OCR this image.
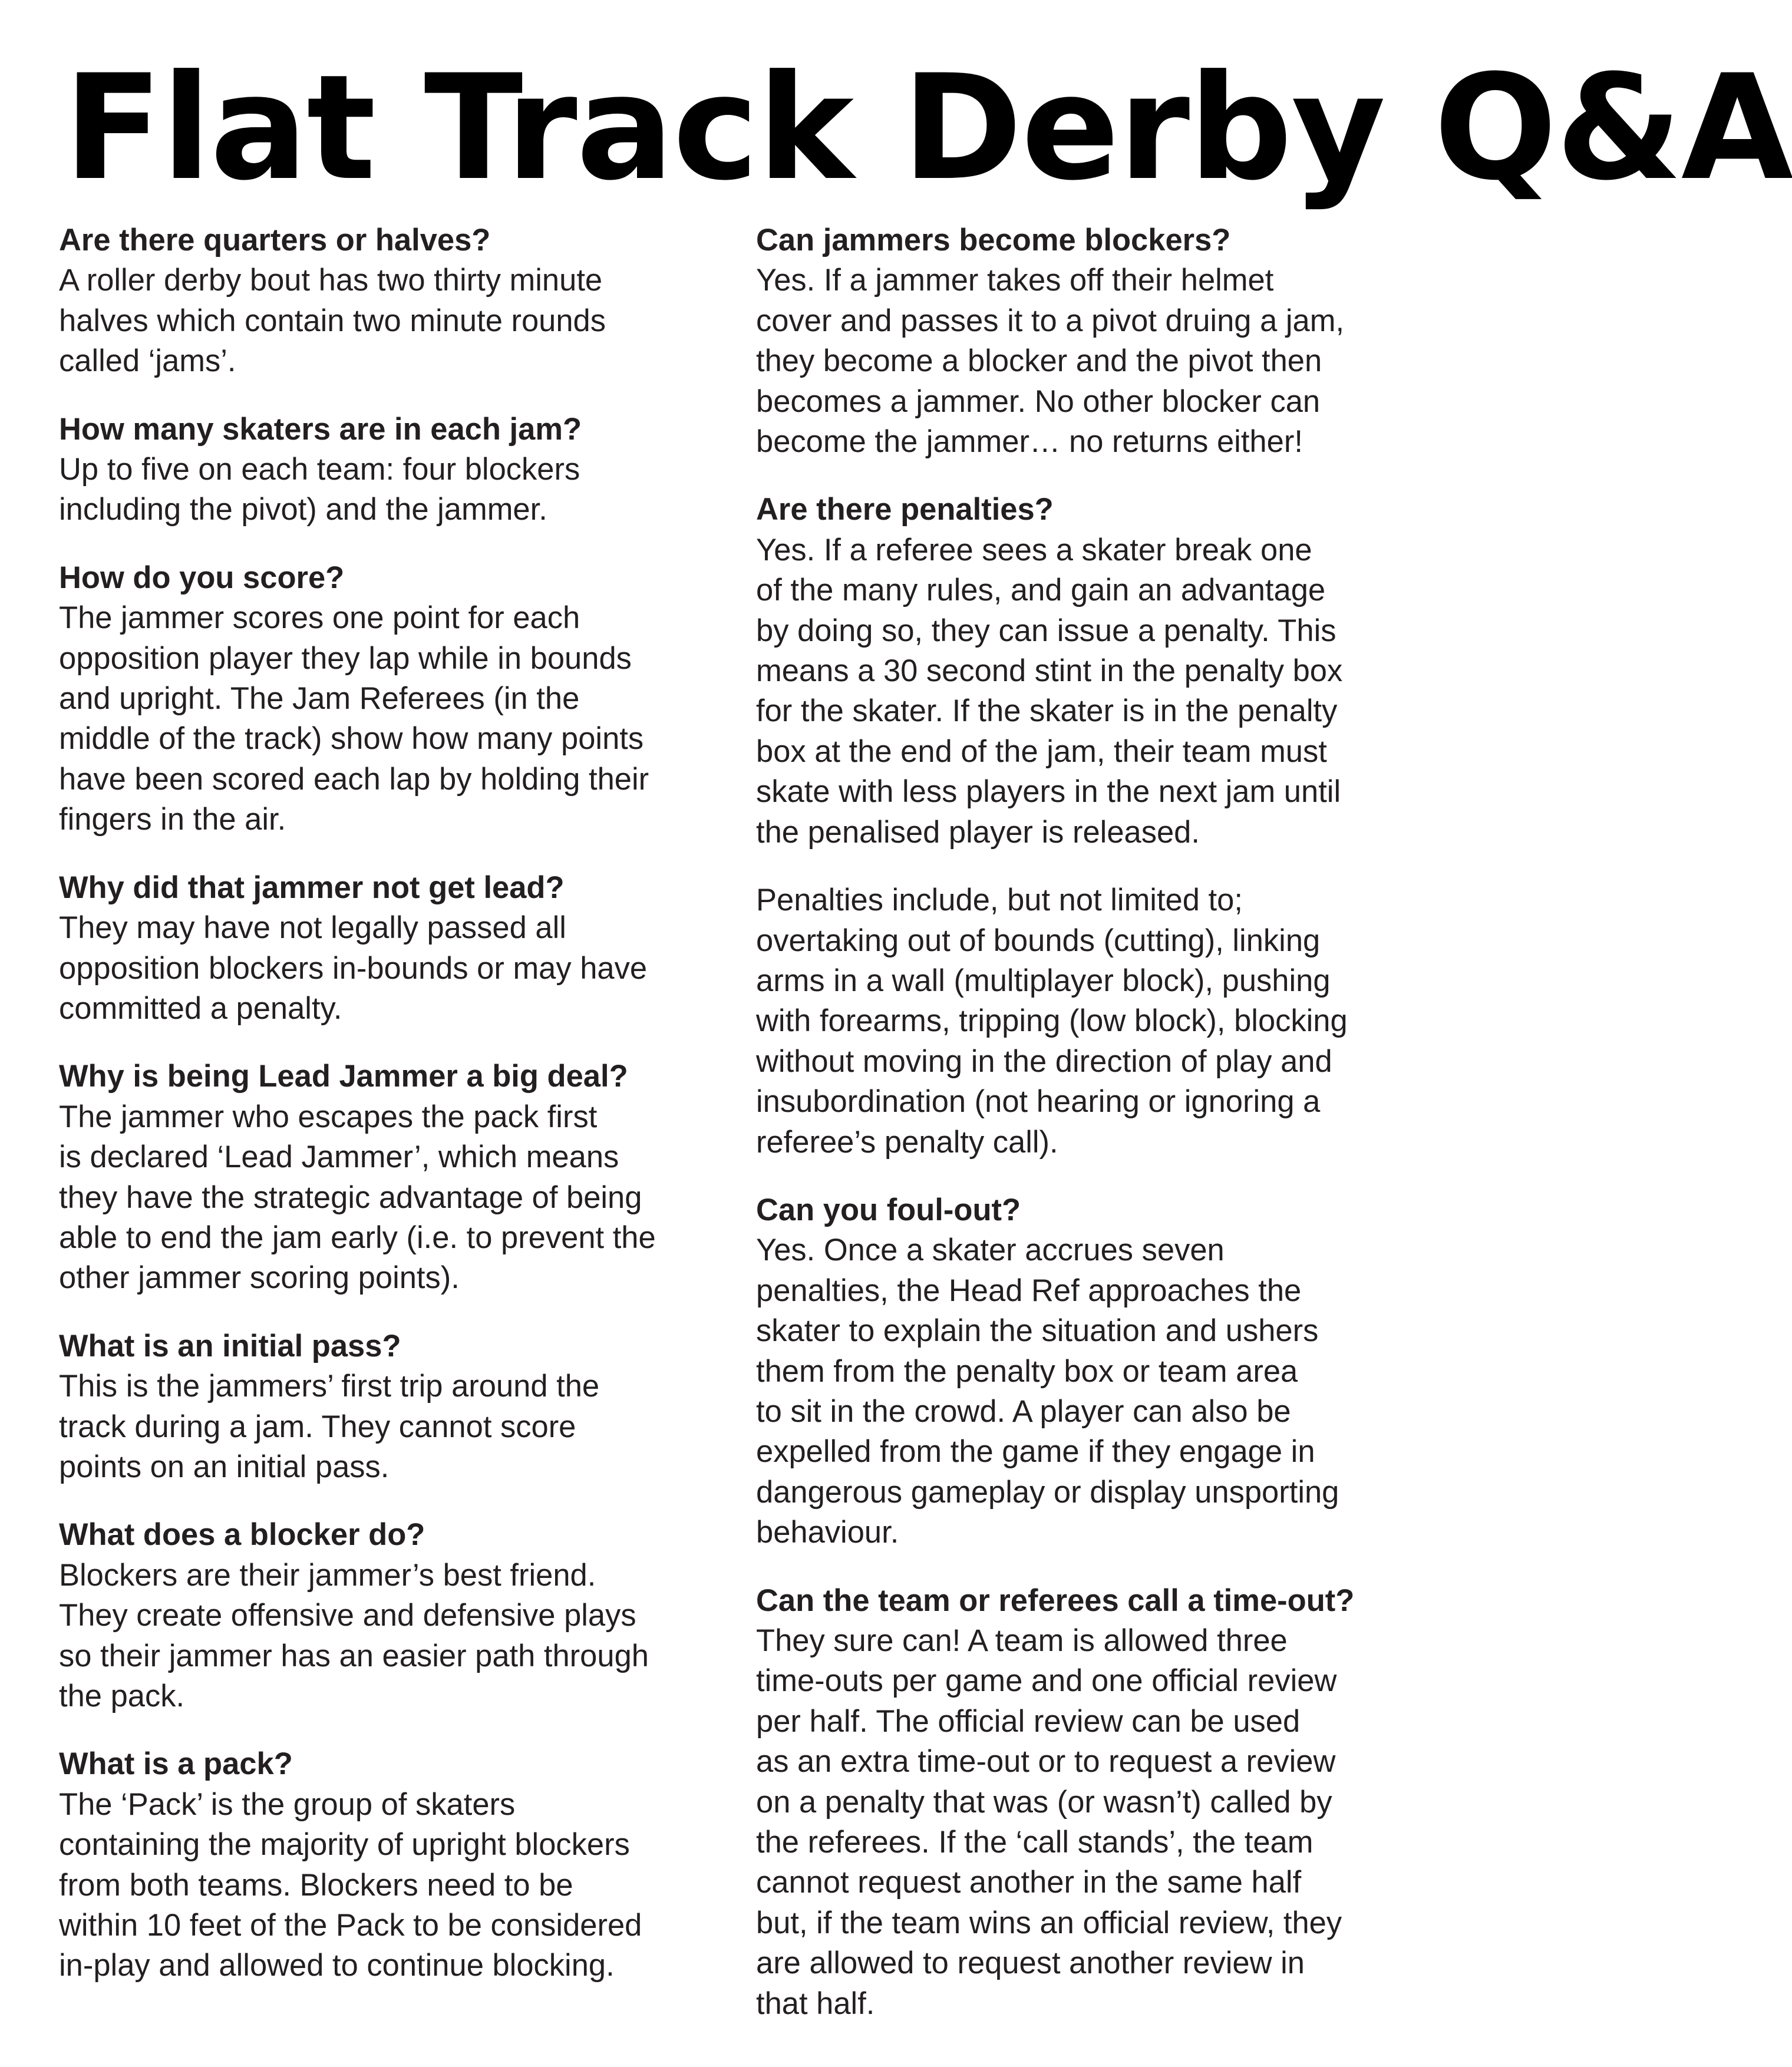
Flat Track Derby Q&A
Are there quarters or halves?
A roller derby bout has two thirty minute
halves which contain two minute rounds
called ‘jams’.
How many skaters are in each jam?
Up to five on each team: four blockers
including the pivot) and the jammer.
How do you score?
The jammer scores one point for each
opposition player they lap while in bounds
and upright. The Jam Referees (in the
middle of the track) show how many points
have been scored each lap by holding their
fingers in the air.
Why did that jammer not get lead?
They may have not legally passed all
opposition blockers in-bounds or may have
committed a penalty.
Why is being Lead Jammer a big deal?
The jammer who escapes the pack first
is declared ‘Lead Jammer’, which means
they have the strategic advantage of being
able to end the jam early (i.e. to prevent the
other jammer scoring points).
What is an initial pass?
This is the jammers’ first trip around the
track during a jam. They cannot score
points on an initial pass.
What does a blocker do?
Blockers are their jammer’s best friend.
They create offensive and defensive plays
so their jammer has an easier path through
the pack.
What is a pack?
The ‘Pack’ is the group of skaters
containing the majority of upright blockers
from both teams. Blockers need to be
within 10 feet of the Pack to be considered
in-play and allowed to continue blocking.
Can jammers become blockers?
Yes. If a jammer takes off their helmet
cover and passes it to a pivot druing a jam,
they become a blocker and the pivot then
becomes a jammer. No other blocker can
become the jammer… no returns either!
Are there penalties?
Yes. If a referee sees a skater break one
of the many rules, and gain an advantage
by doing so, they can issue a penalty. This
means a 30 second stint in the penalty box
for the skater. If the skater is in the penalty
box at the end of the jam, their team must
skate with less players in the next jam until
the penalised player is released.
Penalties include, but not limited to;
overtaking out of bounds (cutting), linking
arms in a wall (multiplayer block), pushing
with forearms, tripping (low block), blocking
without moving in the direction of play and
insubordination (not hearing or ignoring a
referee’s penalty call).
Can you foul-out?
Yes. Once a skater accrues seven
penalties, the Head Ref approaches the
skater to explain the situation and ushers
them from the penalty box or team area
to sit in the crowd. A player can also be
expelled from the game if they engage in
dangerous gameplay or display unsporting
behaviour.
Can the team or referees call a time-out?
They sure can! A team is allowed three
time-outs per game and one official review
per half. The official review can be used
as an extra time-out or to request a review
on a penalty that was (or wasn’t) called by
the referees. If the ‘call stands’, the team
cannot request another in the same half
but, if the team wins an official review, they
are allowed to request another review in
that half.
